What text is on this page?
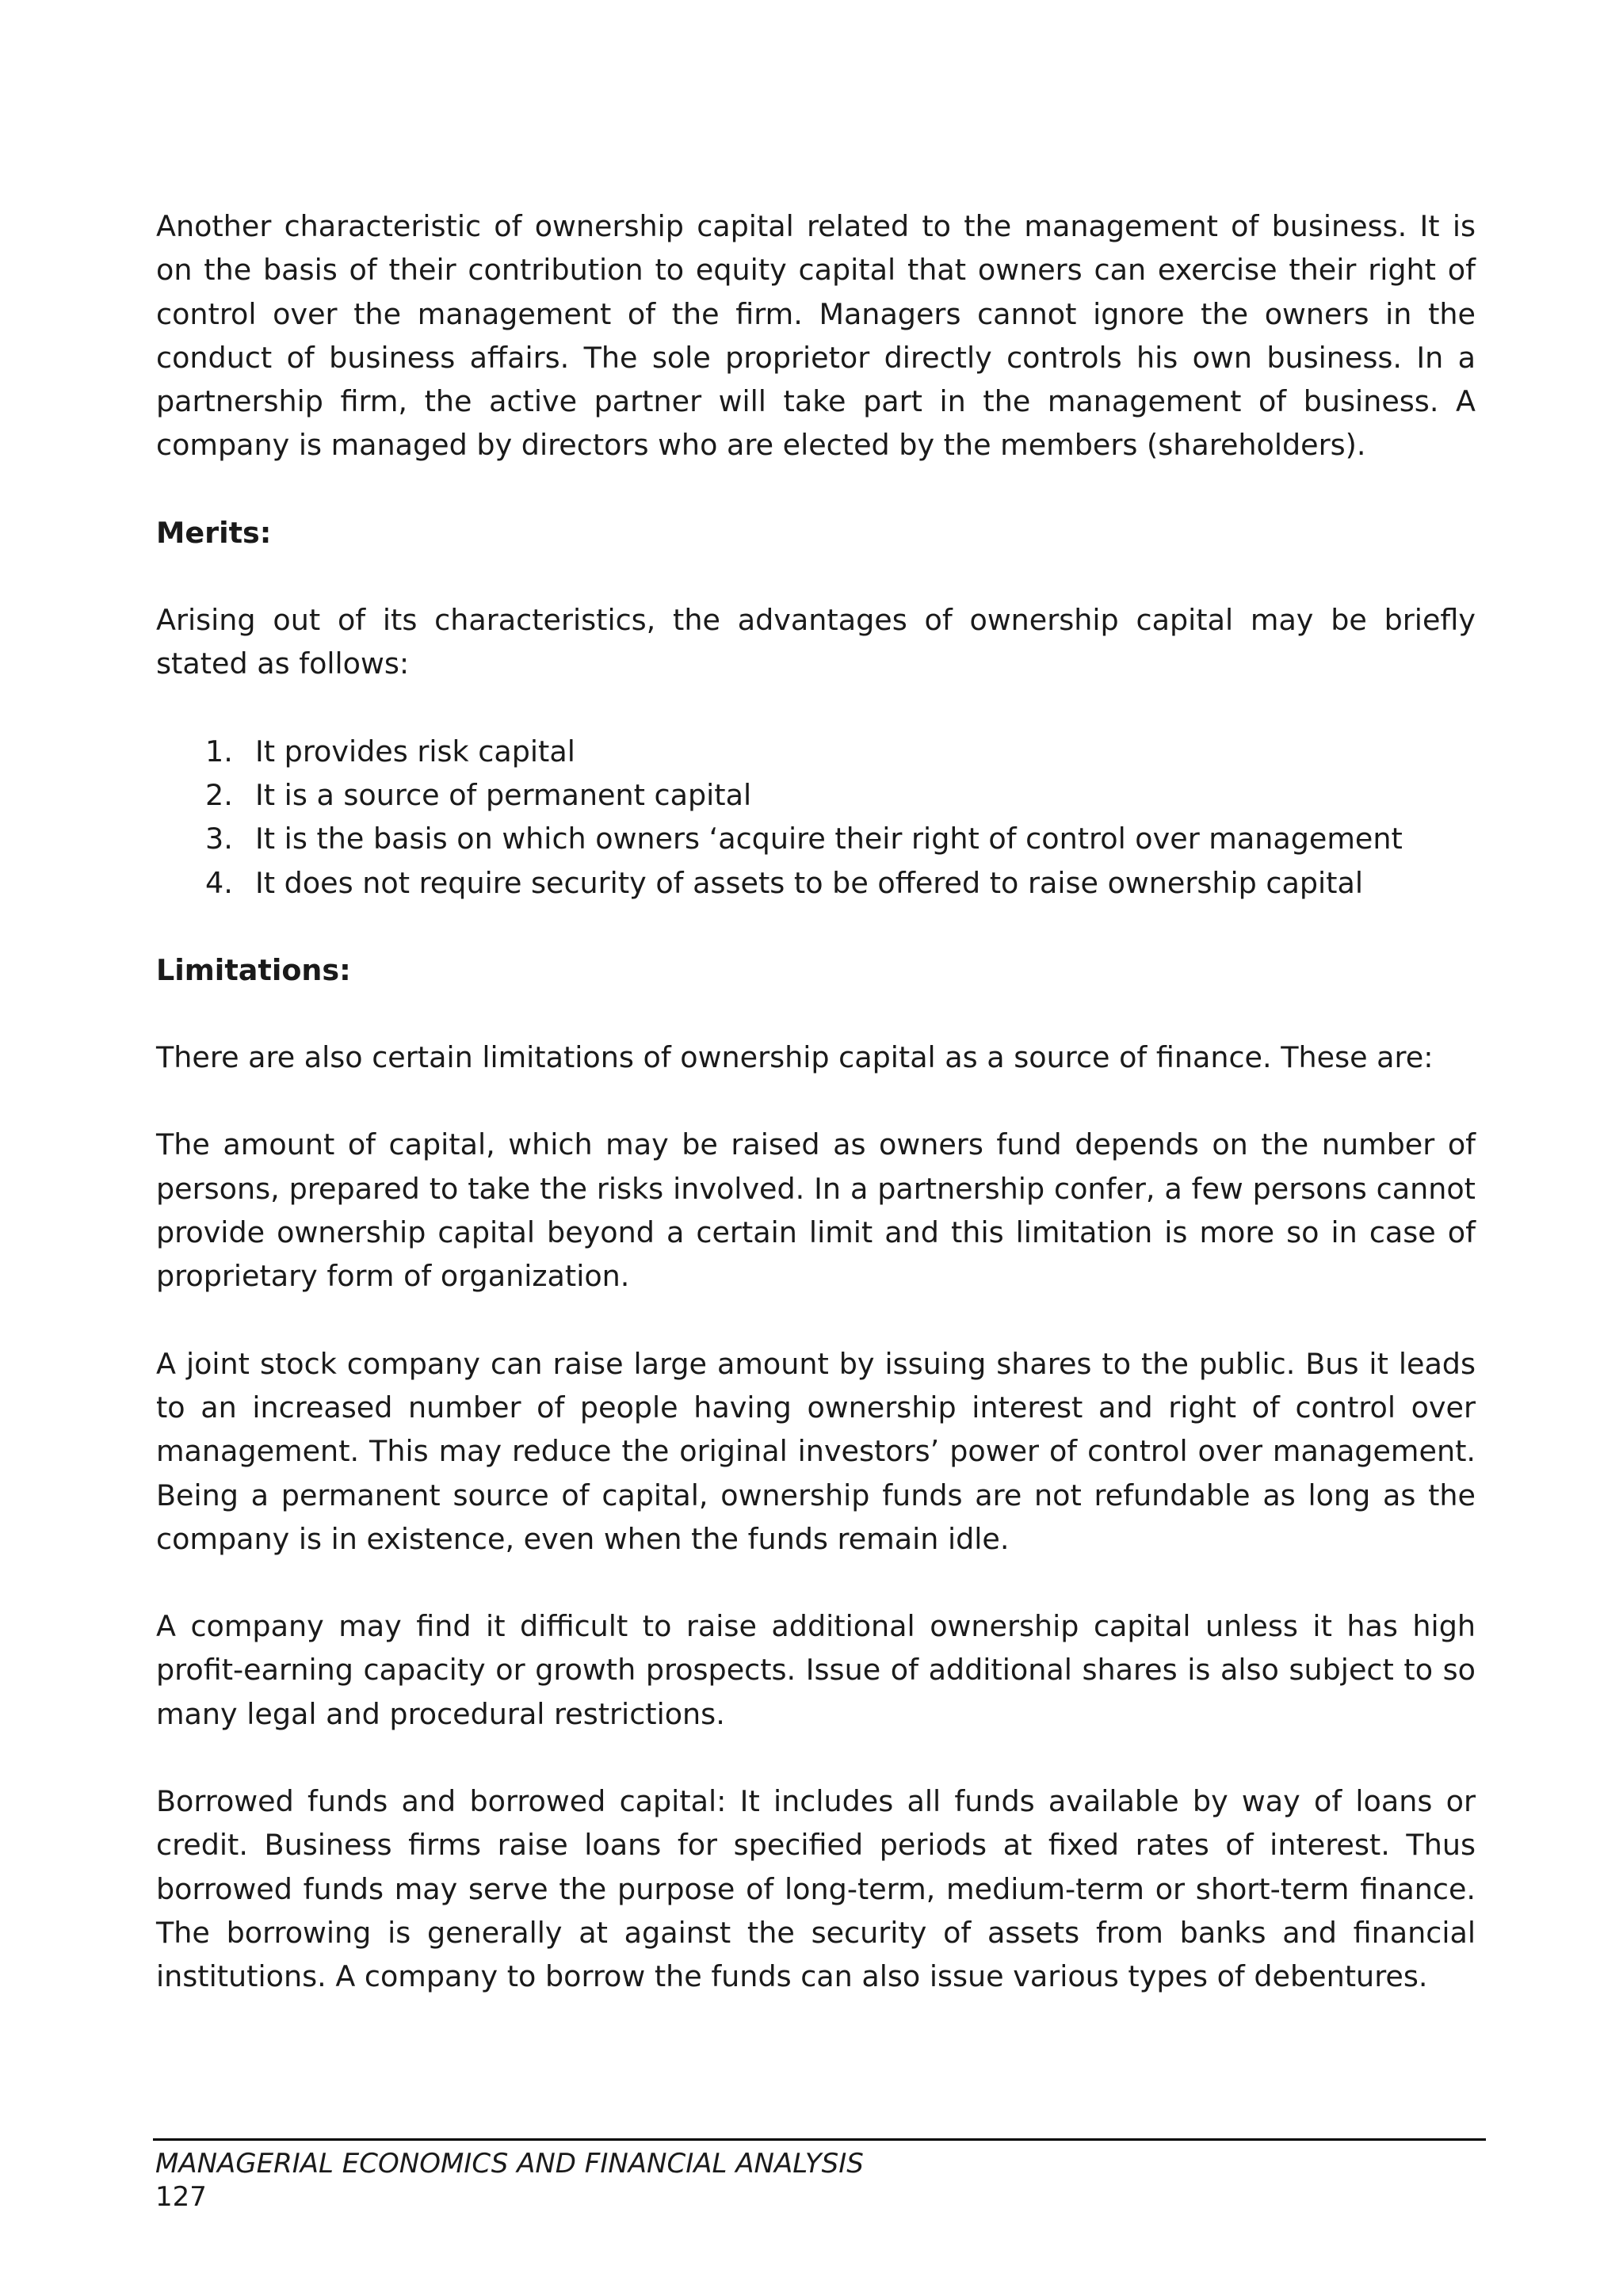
Another characteristic of ownership capital related to the management of business. It is on the basis of their contribution to equity capital that owners can exercise their right of control over the management of the firm. Managers cannot ignore the owners in the conduct of business affairs. The sole proprietor directly controls his own business. In a partnership firm, the active partner will take part in the management of business. A company is managed by directors who are elected by the members (shareholders).

Merits:

Arising out of its characteristics, the advantages of ownership capital may be briefly stated as follows:

1. It provides risk capital
2. It is a source of permanent capital
3. It is the basis on which owners ‘acquire their right of control over management
4. It does not require security of assets to be offered to raise ownership capital
Limitations:

There are also certain limitations of ownership capital as a source of finance. These are:

The amount of capital, which may be raised as owners fund depends on the number of persons, prepared to take the risks involved. In a partnership confer, a few persons cannot provide ownership capital beyond a certain limit and this limitation is more so in case of proprietary form of organization.

A joint stock company can raise large amount by issuing shares to the public. Bus it leads to an increased number of people having ownership interest and right of control over management. This may reduce the original investors’ power of control over management. Being a permanent source of capital, ownership funds are not refundable as long as the company is in existence, even when the funds remain idle.

A company may find it difficult to raise additional ownership capital unless it has high profit-earning capacity or growth prospects. Issue of additional shares is also subject to so many legal and procedural restrictions.

Borrowed funds and borrowed capital: It includes all funds available by way of loans or credit. Business firms raise loans for specified periods at fixed rates of interest. Thus borrowed funds may serve the purpose of long-term, medium-term or short-term finance. The borrowing is generally at against the security of assets from banks and financial institutions. A company to borrow the funds can also issue various types of debentures.

MANAGERIAL ECONOMICS AND FINANCIAL ANALYSIS
127
